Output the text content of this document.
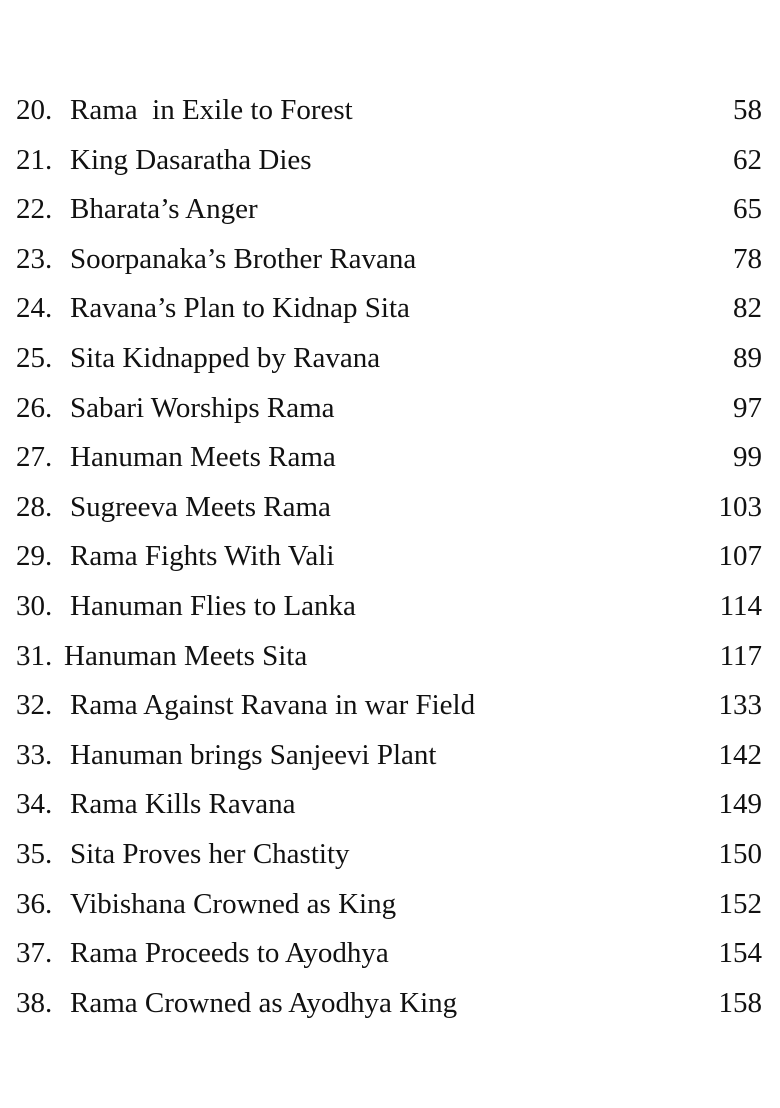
20. Rama  in Exile to Forest	58
21. King Dasaratha Dies	62
22. Bharata’s Anger	65
23. Soorpanaka’s Brother Ravana	78
24. Ravana’s Plan to Kidnap Sita	82
25. Sita Kidnapped by Ravana	89
26. Sabari Worships Rama	97
27. Hanuman Meets Rama	99
28. Sugreeva Meets Rama	103
29. Rama Fights With Vali	107
30. Hanuman Flies to Lanka	114
31. Hanuman Meets Sita	117
32. Rama Against Ravana in war Field	133
33. Hanuman brings Sanjeevi Plant	142
34. Rama Kills Ravana	149
35. Sita Proves her Chastity	150
36. Vibishana Crowned as King	152
37. Rama Proceeds to Ayodhya	154
38. Rama Crowned as Ayodhya King	158
